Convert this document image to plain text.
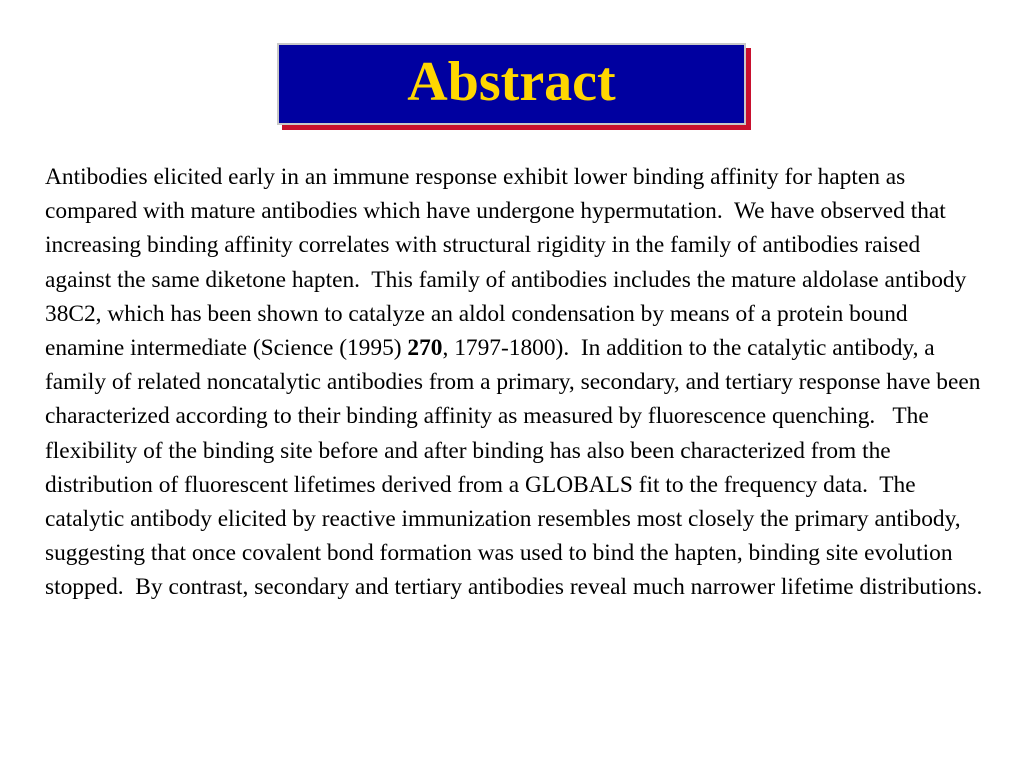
Abstract

Antibodies elicited early in an immune response exhibit lower binding affinity for hapten as compared with mature antibodies which have undergone hypermutation.  We have observed that increasing binding affinity correlates with structural rigidity in the family of antibodies raised against the same diketone hapten.  This family of antibodies includes the mature aldolase antibody 38C2, which has been shown to catalyze an aldol condensation by means of a protein bound enamine intermediate (Science (1995) 270, 1797-1800).  In addition to the catalytic antibody, a family of related noncatalytic antibodies from a primary, secondary, and tertiary response have been characterized according to their binding affinity as measured by fluorescence quenching.   The flexibility of the binding site before and after binding has also been characterized from the distribution of fluorescent lifetimes derived from a GLOBALS fit to the frequency data.  The catalytic antibody elicited by reactive immunization resembles most closely the primary antibody, suggesting that once covalent bond formation was used to bind the hapten, binding site evolution stopped.  By contrast, secondary and tertiary antibodies reveal much narrower lifetime distributions.
